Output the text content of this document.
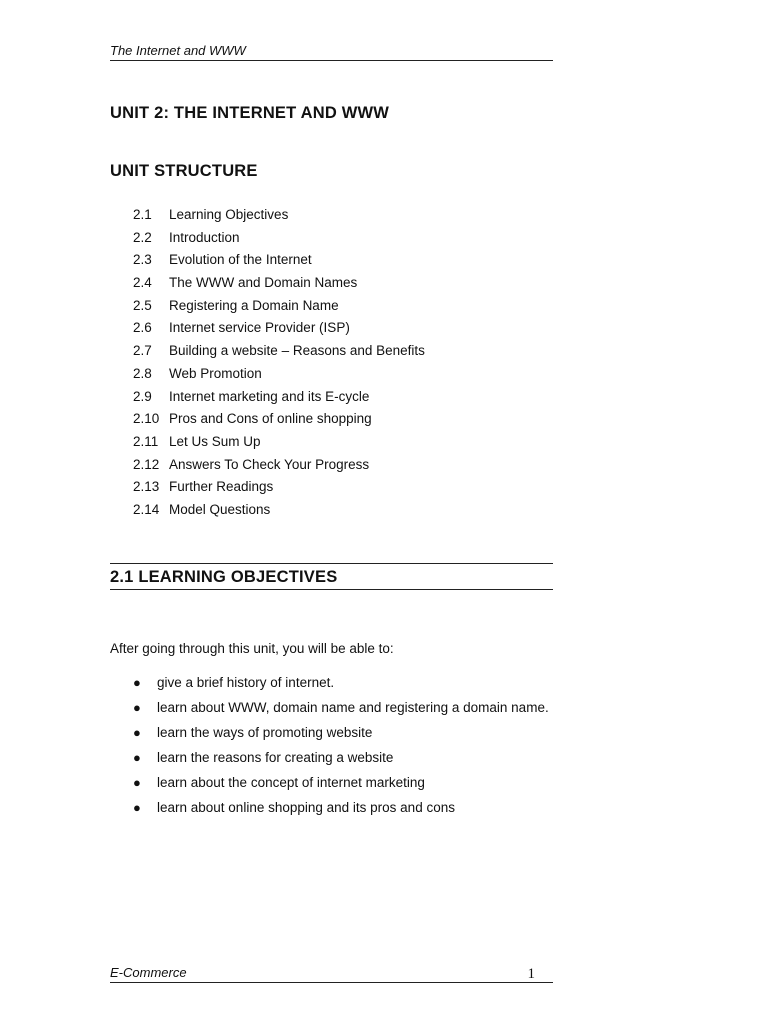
The Internet and WWW
UNIT 2: THE INTERNET AND WWW
UNIT STRUCTURE
2.1 Learning Objectives
2.2 Introduction
2.3 Evolution of the Internet
2.4 The WWW and Domain Names
2.5 Registering a Domain Name
2.6 Internet service Provider (ISP)
2.7 Building a website – Reasons and Benefits
2.8 Web Promotion
2.9 Internet marketing and its E-cycle
2.10 Pros and Cons of online shopping
2.11 Let Us Sum Up
2.12 Answers To Check Your Progress
2.13 Further Readings
2.14 Model Questions
2.1 LEARNING OBJECTIVES
After going through this unit, you will be able to:
● give a brief history of internet.
● learn about WWW, domain name and registering a domain name.
● learn the ways of promoting website
● learn the reasons for creating a website
● learn about the concept of internet marketing
● learn about online shopping and its pros and cons
E-Commerce	1
